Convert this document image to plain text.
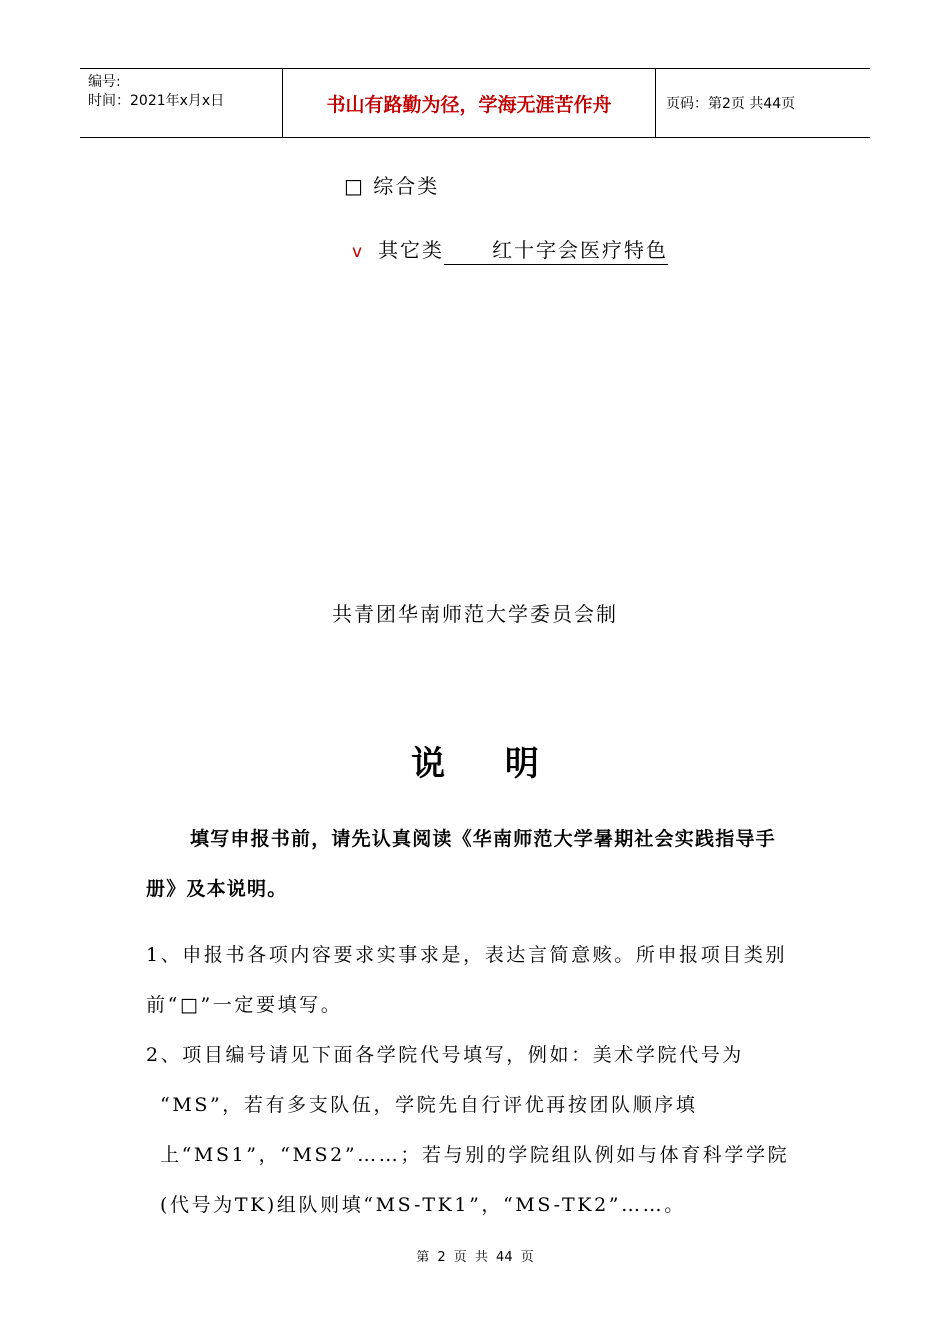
编号:
时间：2021年x月x日	书山有路勤为径，学海无涯苦作舟	页码：第2页 共44页
□ 综合类
v 其它类 红十字会医疗特色
共青团华南师范大学委员会制
说 明
填写申报书前，请先认真阅读《华南师范大学暑期社会实践指导手册》及本说明。
1、申报书各项内容要求实事求是，表达言简意赅。所申报项目类别前“□”一定要填写。
2、项目编号请见下面各学院代号填写，例如：美术学院代号为
“MS”，若有多支队伍，学院先自行评优再按团队顺序填上“MS1”，“MS2”……；若与别的学院组队例如与体育科学学院(代号为TK)组队则填“MS-TK1”，“MS-TK2”……。
第 2 页 共 44 页
